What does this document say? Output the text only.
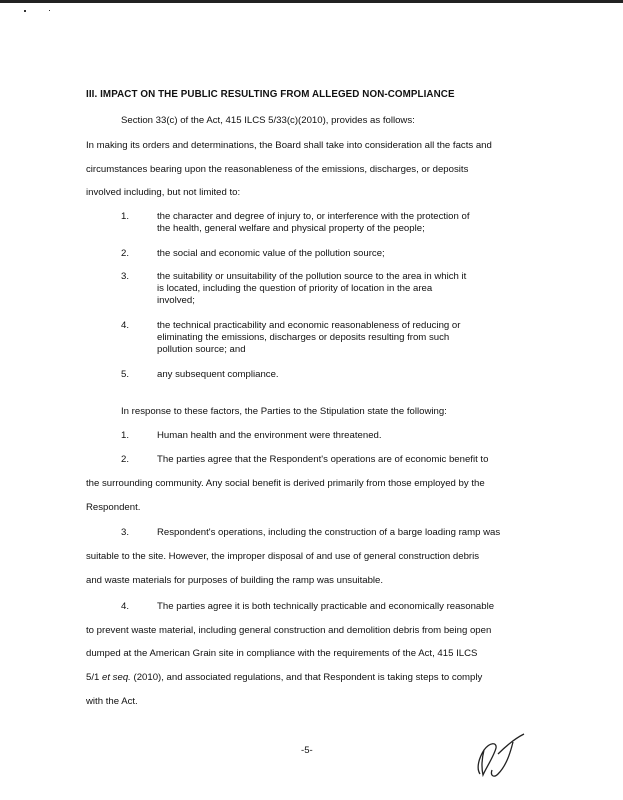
III. IMPACT ON THE PUBLIC RESULTING FROM ALLEGED NON-COMPLIANCE
Section 33(c) of the Act, 415 ILCS 5/33(c)(2010), provides as follows:
In making its orders and determinations, the Board shall take into consideration all the facts and
circumstances bearing upon the reasonableness of the emissions, discharges, or deposits
involved including, but not limited to:
1.	the character and degree of injury to, or interference with the protection of
the health, general welfare and physical property of the people;
2.	the social and economic value of the pollution source;
3.	the suitability or unsuitability of the pollution source to the area in which it
is located, including the question of priority of location in the area
involved;
4.	the technical practicability and economic reasonableness of reducing or
eliminating the emissions, discharges or deposits resulting from such
pollution source; and
5.	any subsequent compliance.
In response to these factors, the Parties to the Stipulation state the following:
1.	Human health and the environment were threatened.
2.	The parties agree that the Respondent's operations are of economic benefit to
the surrounding community. Any social benefit is derived primarily from those employed by the
Respondent.
3.	Respondent's operations, including the construction of a barge loading ramp was
suitable to the site. However, the improper disposal of and use of general construction debris
and waste materials for purposes of building the ramp was unsuitable.
4.	The parties agree it is both technically practicable and economically reasonable
to prevent waste material, including general construction and demolition debris from being open
dumped at the American Grain site in compliance with the requirements of the Act, 415 ILCS
5/1 et seq. (2010), and associated regulations, and that Respondent is taking steps to comply
with the Act.
-5-
